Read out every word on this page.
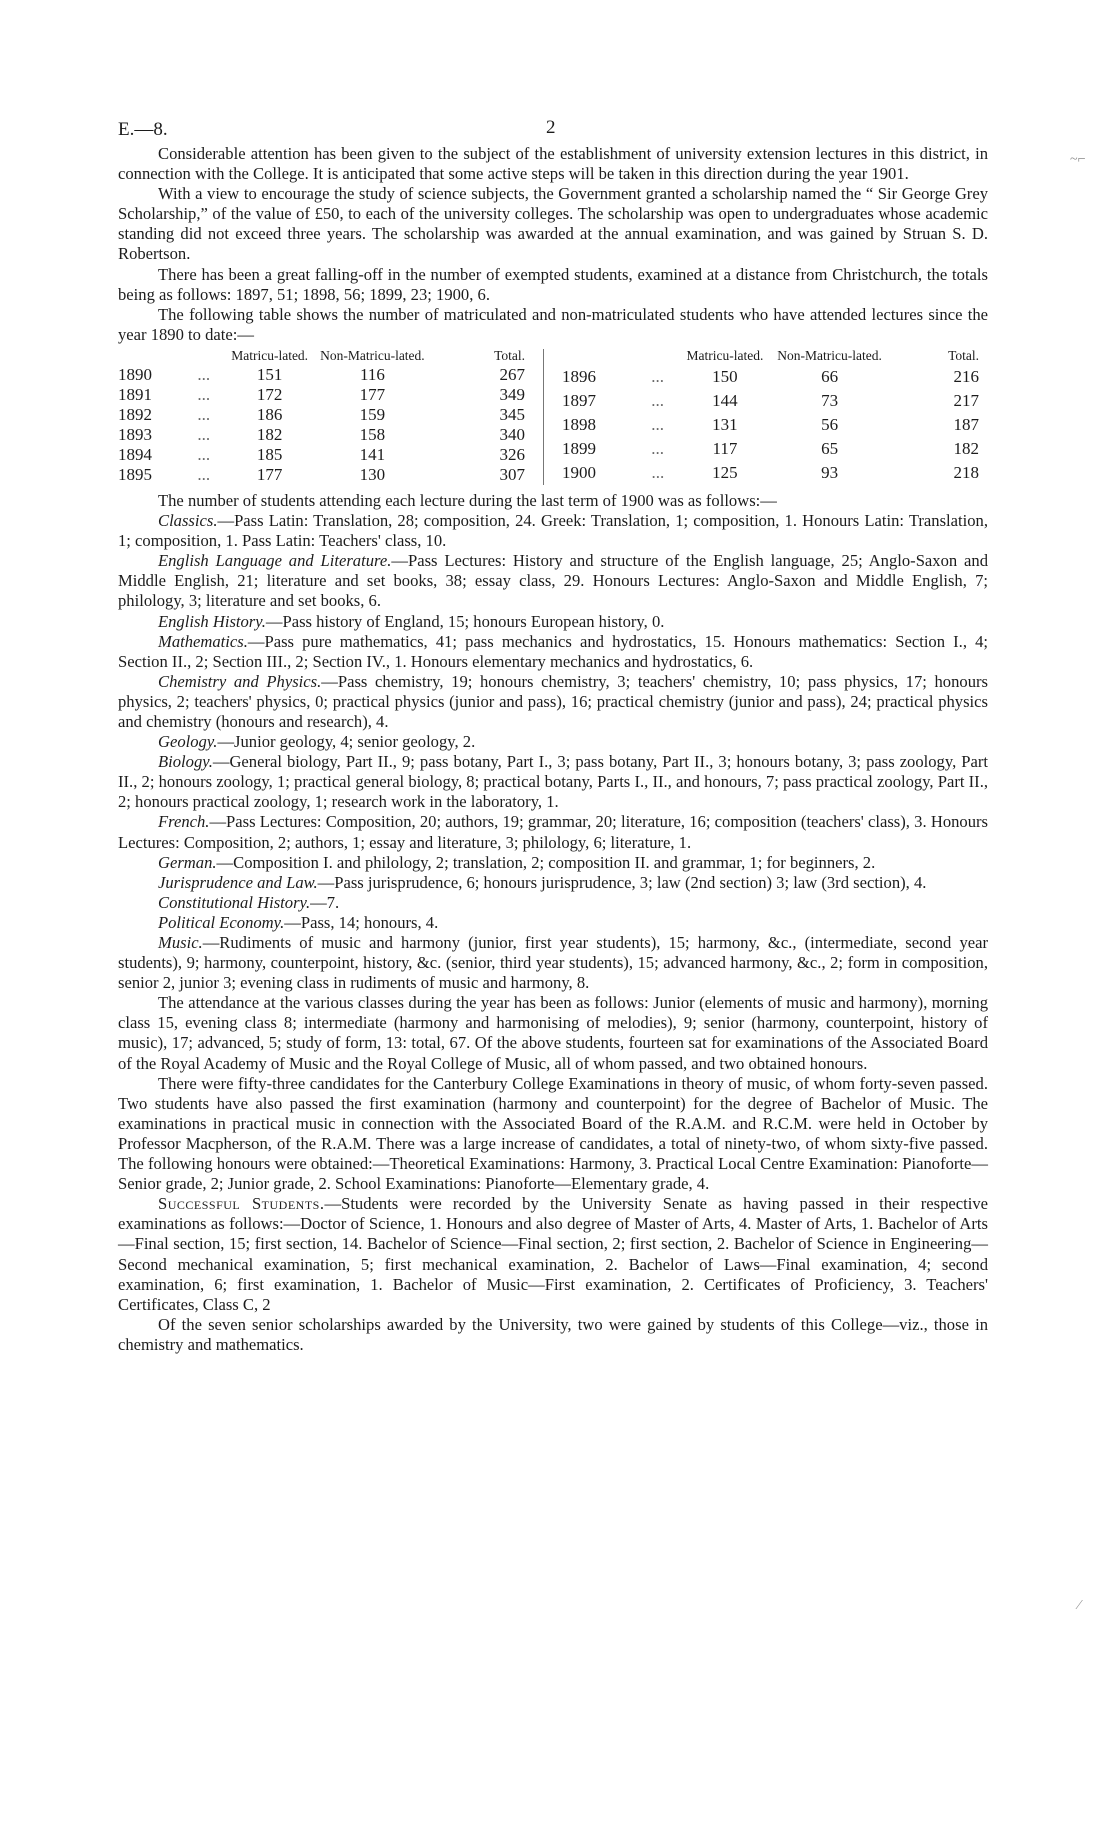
~⌐
E.—8.	2

Considerable attention has been given to the subject of the establishment of university extension lectures in this district, in connection with the College. It is anticipated that some active steps will be taken in this direction during the year 1901.

With a view to encourage the study of science subjects, the Government granted a scholarship named the “ Sir George Grey Scholarship,” of the value of £50, to each of the university colleges. The scholarship was open to undergraduates whose academic standing did not exceed three years. The scholarship was awarded at the annual examination, and was gained by Struan S. D. Robertson.

There has been a great falling-off in the number of exempted students, examined at a distance from Christchurch, the totals being as follows: 1897, 51; 1898, 56; 1899, 23; 1900, 6.

The following table shows the number of matriculated and non-matriculated students who have attended lectures since the year 1890 to date:—

		Matricu-lated.	Non-Matricu-lated.	Total.
1890	...	151	116	267
1891	...	172	177	349
1892	...	186	159	345
1893	...	182	158	340
1894	...	185	141	326
1895	...	177	130	307
		Matricu-lated.	Non-Matricu-lated.	Total.
1896	...	150	66	216
1897	...	144	73	217
1898	...	131	56	187
1899	...	117	65	182
1900	...	125	93	218

The number of students attending each lecture during the last term of 1900 was as follows:—

Classics.—Pass Latin: Translation, 28; composition, 24. Greek: Translation, 1; composition, 1. Honours Latin: Translation, 1; composition, 1. Pass Latin: Teachers' class, 10.

English Language and Literature.—Pass Lectures: History and structure of the English language, 25; Anglo-Saxon and Middle English, 21; literature and set books, 38; essay class, 29. Honours Lectures: Anglo-Saxon and Middle English, 7; philology, 3; literature and set books, 6.

English History.—Pass history of England, 15; honours European history, 0.

Mathematics.—Pass pure mathematics, 41; pass mechanics and hydrostatics, 15. Honours mathematics: Section I., 4; Section II., 2; Section III., 2; Section IV., 1. Honours elementary mechanics and hydrostatics, 6.

Chemistry and Physics.—Pass chemistry, 19; honours chemistry, 3; teachers' chemistry, 10; pass physics, 17; honours physics, 2; teachers' physics, 0; practical physics (junior and pass), 16; practical chemistry (junior and pass), 24; practical physics and chemistry (honours and research), 4.

Geology.—Junior geology, 4; senior geology, 2.

Biology.—General biology, Part II., 9; pass botany, Part I., 3; pass botany, Part II., 3; honours botany, 3; pass zoology, Part II., 2; honours zoology, 1; practical general biology, 8; practical botany, Parts I., II., and honours, 7; pass practical zoology, Part II., 2; honours practical zoology, 1; research work in the laboratory, 1.

French.—Pass Lectures: Composition, 20; authors, 19; grammar, 20; literature, 16; composition (teachers' class), 3. Honours Lectures: Composition, 2; authors, 1; essay and literature, 3; philology, 6; literature, 1.

German.—Composition I. and philology, 2; translation, 2; composition II. and grammar, 1; for beginners, 2.

Jurisprudence and Law.—Pass jurisprudence, 6; honours jurisprudence, 3; law (2nd section) 3; law (3rd section), 4.

Constitutional History.—7.

Political Economy.—Pass, 14; honours, 4.

Music.—Rudiments of music and harmony (junior, first year students), 15; harmony, &c., (intermediate, second year students), 9; harmony, counterpoint, history, &c. (senior, third year students), 15; advanced harmony, &c., 2; form in composition, senior 2, junior 3; evening class in rudiments of music and harmony, 8.

The attendance at the various classes during the year has been as follows: Junior (elements of music and harmony), morning class 15, evening class 8; intermediate (harmony and harmonising of melodies), 9; senior (harmony, counterpoint, history of music), 17; advanced, 5; study of form, 13: total, 67. Of the above students, fourteen sat for examinations of the Associated Board of the Royal Academy of Music and the Royal College of Music, all of whom passed, and two obtained honours.

There were fifty-three candidates for the Canterbury College Examinations in theory of music, of whom forty-seven passed. Two students have also passed the first examination (harmony and counterpoint) for the degree of Bachelor of Music. The examinations in practical music in connection with the Associated Board of the R.A.M. and R.C.M. were held in October by Professor Macpherson, of the R.A.M. There was a large increase of candidates, a total of ninety-two, of whom sixty-five passed. The following honours were obtained:—Theoretical Examinations: Harmony, 3. Practical Local Centre Examination: Pianoforte—Senior grade, 2; Junior grade, 2. School Examinations: Pianoforte—Elementary grade, 4.

Successful Students.—Students were recorded by the University Senate as having passed in their respective examinations as follows:—Doctor of Science, 1. Honours and also degree of Master of Arts, 4. Master of Arts, 1. Bachelor of Arts—Final section, 15; first section, 14. Bachelor of Science—Final section, 2; first section, 2. Bachelor of Science in Engineering—Second mechanical examination, 5; first mechanical examination, 2. Bachelor of Laws—Final examination, 4; second examination, 6; first examination, 1. Bachelor of Music—First examination, 2. Certificates of Proficiency, 3. Teachers' Certificates, Class C, 2

Of the seven senior scholarships awarded by the University, two were gained by students of this College—viz., those in chemistry and mathematics.

⁄
